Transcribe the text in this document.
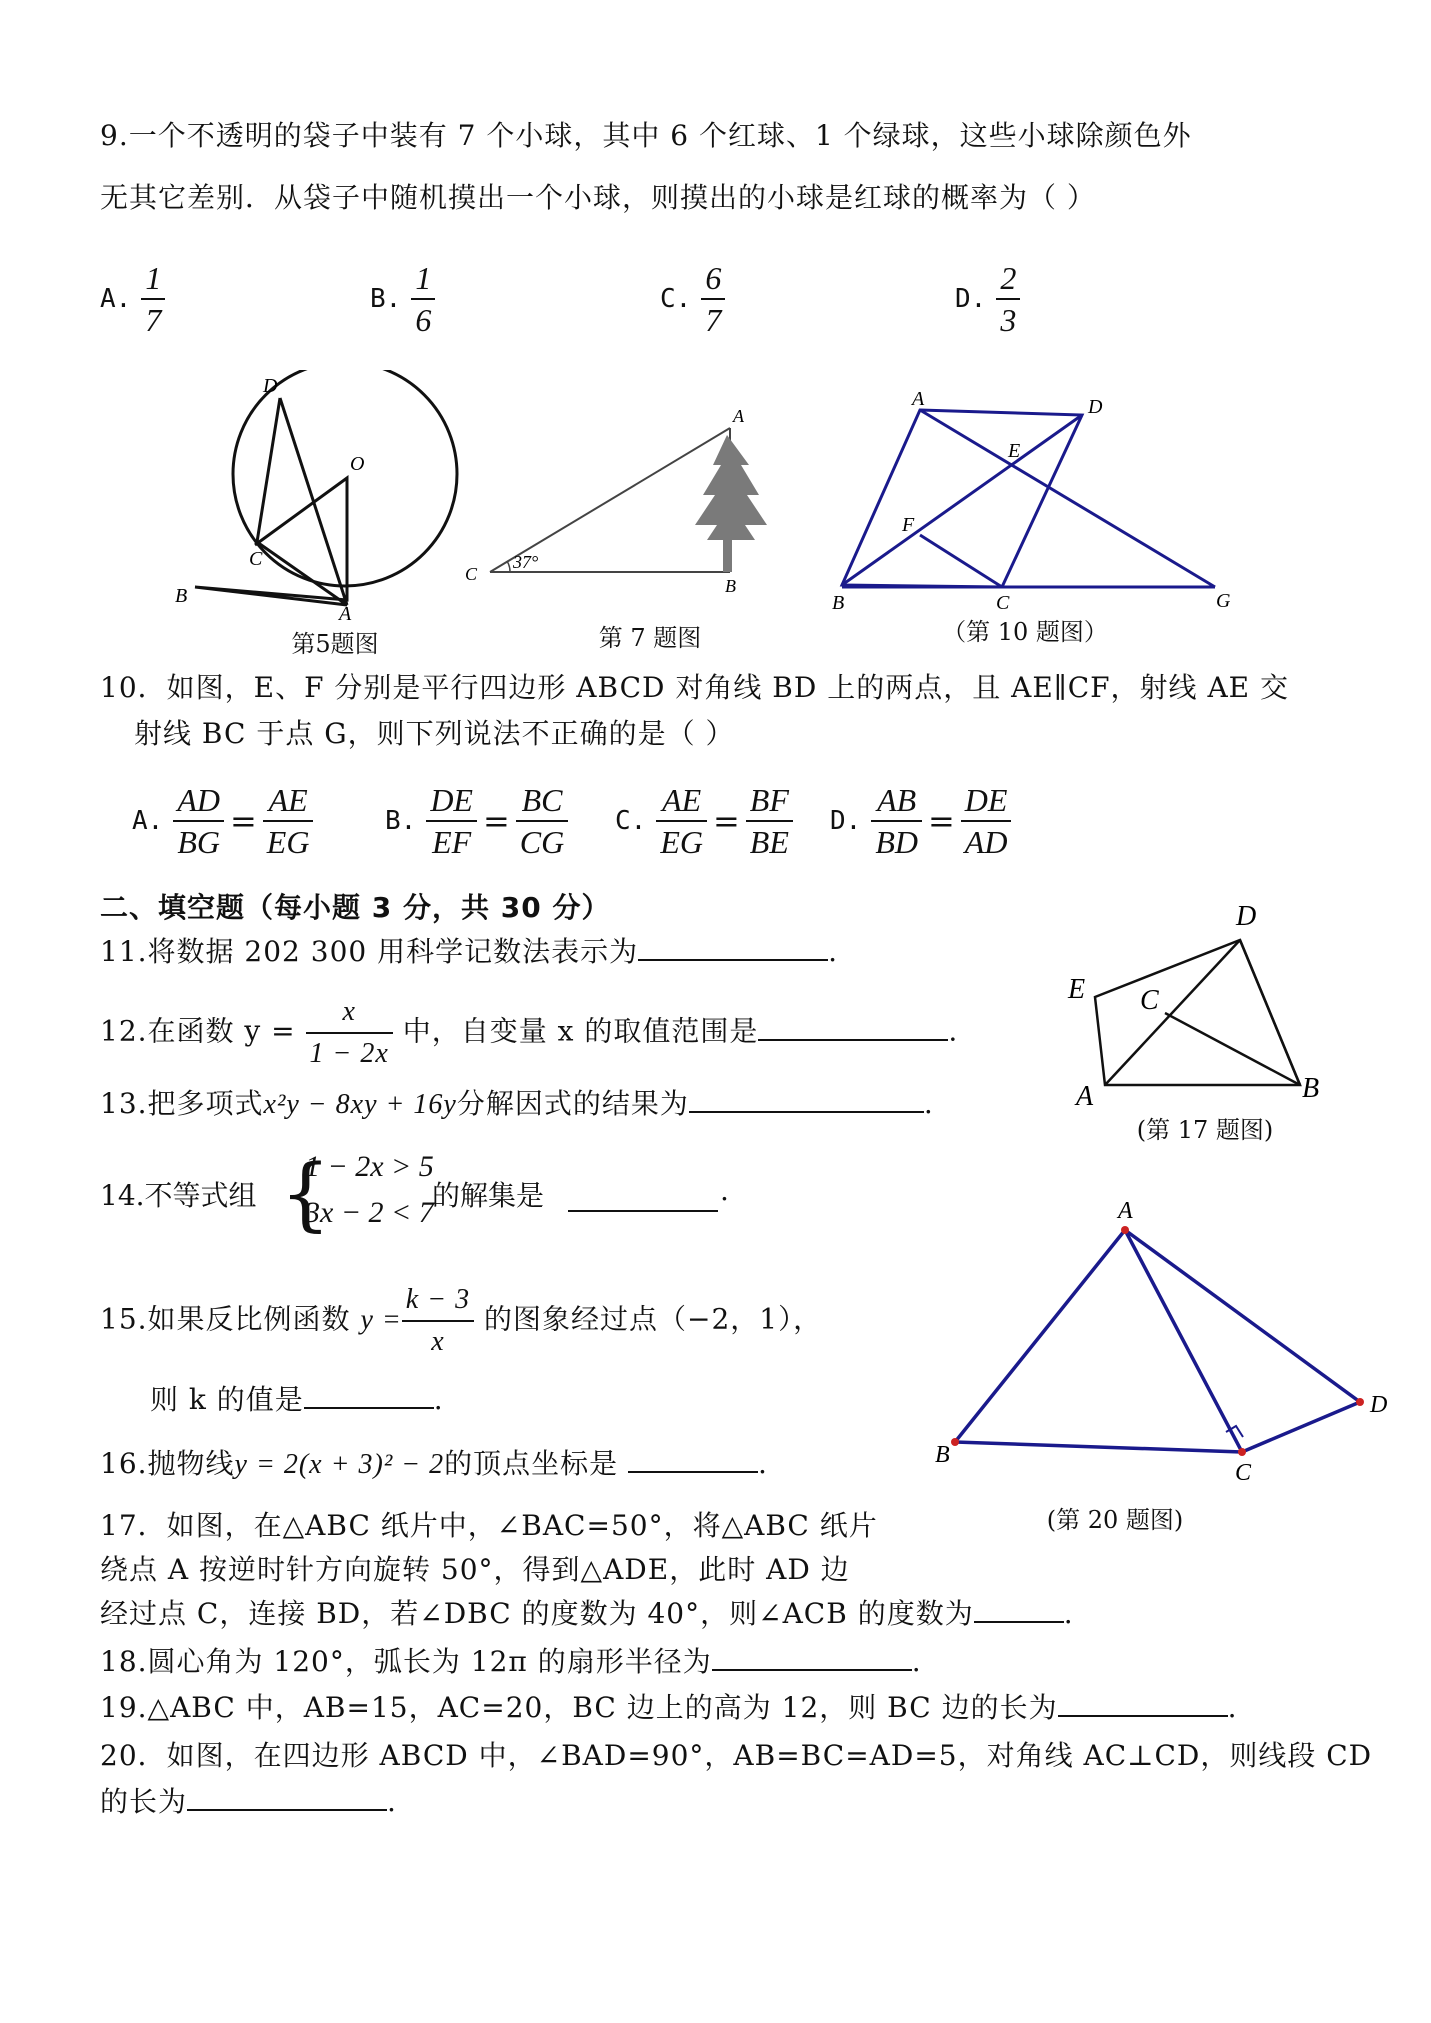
9.一个不透明的袋子中装有 7 个小球，其中 6 个红球、1 个绿球，这些小球除颜色外
无其它差别．从袋子中随机摸出一个小球，则摸出的小球是红球的概率为（ ）
A. $\frac{1}{7}$	B. $\frac{1}{6}$	C. $\frac{6}{7}$	D. $\frac{2}{3}$
D
O
C
B
A
第5题图
37°
A
B
C
第 7 题图
A	D
E
F
B	C	G
（第 10 题图）
10．如图，E、F 分别是平行四边形 ABCD 对角线 BD 上的两点，且 AE∥CF，射线 AE 交
射线 BC 于点 G，则下列说法不正确的是（ ）
A. $\frac{AD}{BG} = \frac{AE}{EG}$	B. $\frac{DE}{EF} = \frac{BC}{CG} C$. $\frac{AE}{EG} = \frac{BF}{BE} D$. $\frac{AB}{BD} = \frac{DE}{AD}$
二、填空题（每小题 3 分，共 30 分）
11.将数据 202 300 用科学记数法表示为	.
12.在函数 $y = \frac{x}{1 - 2x}$ 中，自变量 x 的取值范围是	.
13.把多项式x²y − 8xy + 16y分解因式的结果为	.
14.不等式组 {
1 − 2x > 5
3x − 2 < 7
的解集是	.
15.如果反比例函数 $y = \frac{k - 3}{x}$ 的图象经过点（−2，1），
则 k 的值是	.
16.抛物线y = 2(x + 3)² − 2的顶点坐标是	.
17．如图，在△ABC 纸片中，∠BAC=50°，将△ABC 纸片
绕点 A 按逆时针方向旋转 50°，得到△ADE，此时 AD 边
经过点 C，连接 BD，若∠DBC 的度数为 40°，则∠ACB 的度数为	.
18.圆心角为 120°，弧长为 12π 的扇形半径为	.
19.△ABC 中，AB=15，AC=20，BC 边上的高为 12，则 BC 边的长为	.
20．如图，在四边形 ABCD 中，∠BAD=90°，AB=BC=AD=5，对角线 AC⊥CD，则线段 CD
的长为	.
D
E C
A	B
(第 17 题图)
A
B
C
D
(第 20 题图)
